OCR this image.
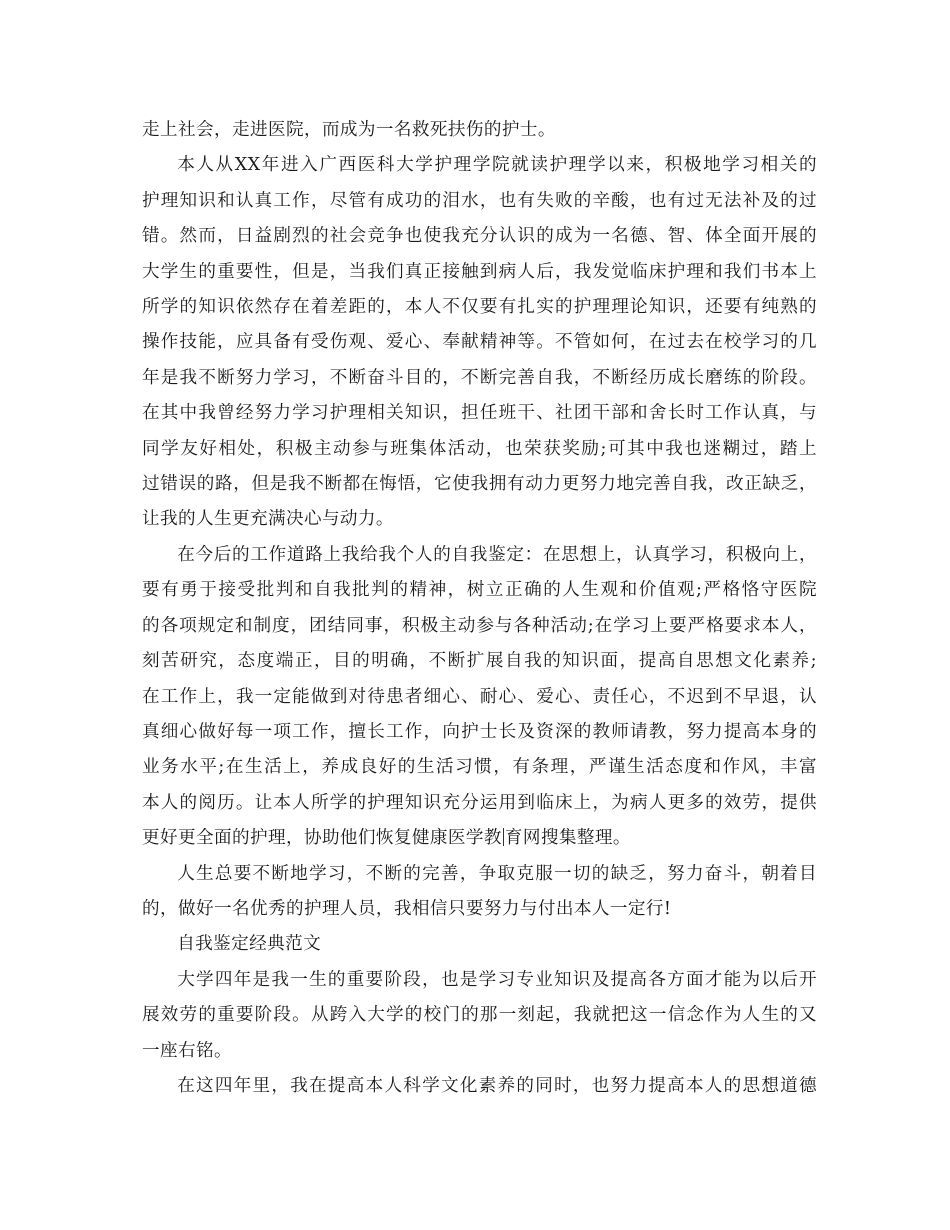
走上社会，走进医院，而成为一名救死扶伤的护士。

本人从XX年进入广西医科大学护理学院就读护理学以来，积极地学习相关的
护理知识和认真工作，尽管有成功的泪水，也有失败的辛酸，也有过无法补及的过
错。然而，日益剧烈的社会竞争也使我充分认识的成为一名德、智、体全面开展的
大学生的重要性，但是，当我们真正接触到病人后，我发觉临床护理和我们书本上
所学的知识依然存在着差距的，本人不仅要有扎实的护理理论知识，还要有纯熟的
操作技能，应具备有受伤观、爱心、奉献精神等。不管如何，在过去在校学习的几
年是我不断努力学习，不断奋斗目的，不断完善自我，不断经历成长磨练的阶段。
在其中我曾经努力学习护理相关知识，担任班干、社团干部和舍长时工作认真，与
同学友好相处，积极主动参与班集体活动，也荣获奖励;可其中我也迷糊过，踏上
过错误的路，但是我不断都在悔悟，它使我拥有动力更努力地完善自我，改正缺乏，
让我的人生更充满决心与动力。

在今后的工作道路上我给我个人的自我鉴定：在思想上，认真学习，积极向上，
要有勇于接受批判和自我批判的精神，树立正确的人生观和价值观;严格恪守医院
的各项规定和制度，团结同事，积极主动参与各种活动;在学习上要严格要求本人，
刻苦研究，态度端正，目的明确，不断扩展自我的知识面，提高自思想文化素养;
在工作上，我一定能做到对待患者细心、耐心、爱心、责任心，不迟到不早退，认
真细心做好每一项工作，擅长工作，向护士长及资深的教师请教，努力提高本身的
业务水平;在生活上，养成良好的生活习惯，有条理，严谨生活态度和作风，丰富
本人的阅历。让本人所学的护理知识充分运用到临床上，为病人更多的效劳，提供
更好更全面的护理，协助他们恢复健康医学教 育网搜集整理。

人生总要不断地学习，不断的完善，争取克服一切的缺乏，努力奋斗，朝着目
的，做好一名优秀的护理人员，我相信只要努力与付出本人一定行!

自我鉴定经典范文

大学四年是我一生的重要阶段，也是学习专业知识及提高各方面才能为以后开
展效劳的重要阶段。从跨入大学的校门的那一刻起，我就把这一信念作为人生的又
一座右铭。

在这四年里，我在提高本人科学文化素养的同时，也努力提高本人的思想道德
